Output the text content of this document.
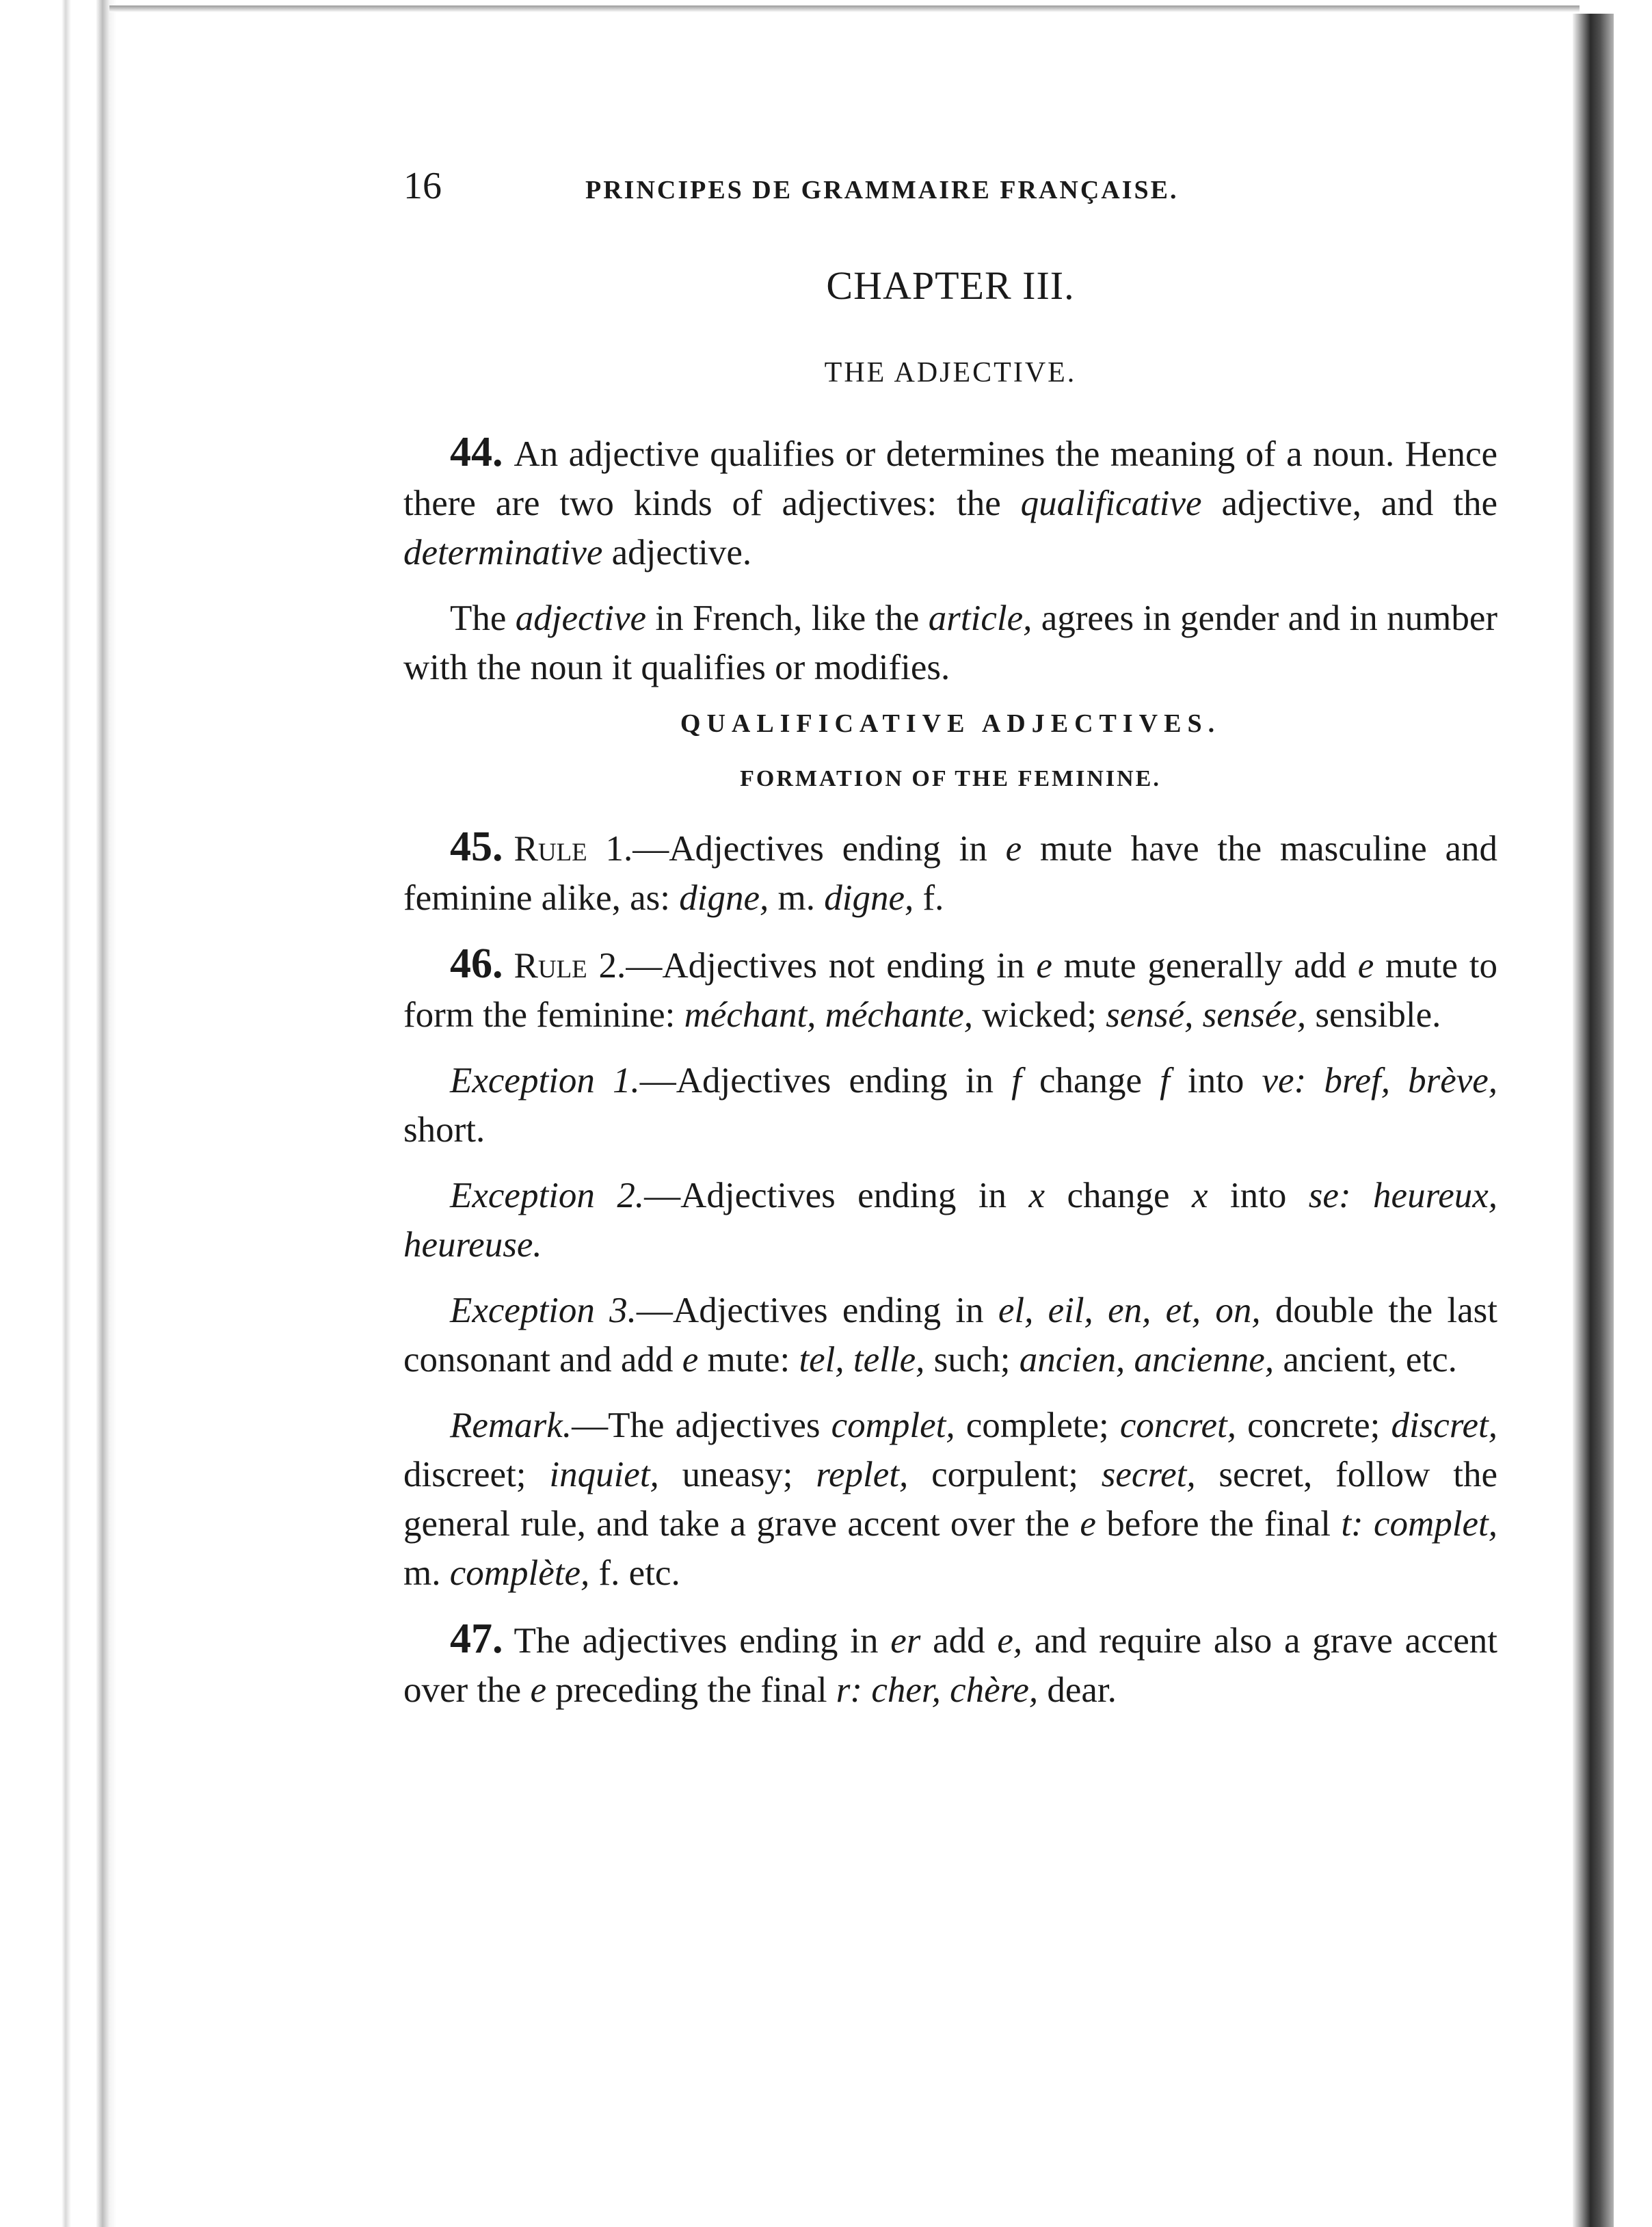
16	PRINCIPES DE GRAMMAIRE FRANÇAISE.
CHAPTER III.
THE ADJECTIVE.

44. An adjective qualifies or determines the meaning of a noun. Hence there are two kinds of adjectives: the qualificative adjective, and the determinative adjective.

The adjective in French, like the article, agrees in gender and in number with the noun it qualifies or modifies.

QUALIFICATIVE ADJECTIVES.
FORMATION OF THE FEMININE.

45. Rule 1.—Adjectives ending in e mute have the masculine and feminine alike, as: digne, m. digne, f.

46. Rule 2.—Adjectives not ending in e mute generally add e mute to form the feminine: méchant, méchante, wicked; sensé, sensée, sensible.

Exception 1.—Adjectives ending in f change f into ve: bref, brève, short.

Exception 2.—Adjectives ending in x change x into se: heureux, heureuse.

Exception 3.—Adjectives ending in el, eil, en, et, on, double the last consonant and add e mute: tel, telle, such; ancien, ancienne, ancient, etc.

Remark.—The adjectives complet, complete; concret, concrete; discret, discreet; inquiet, uneasy; replet, corpulent; secret, secret, follow the general rule, and take a grave accent over the e before the final t: complet, m. complète, f. etc.

47. The adjectives ending in er add e, and require also a grave accent over the e preceding the final r: cher, chère, dear.
